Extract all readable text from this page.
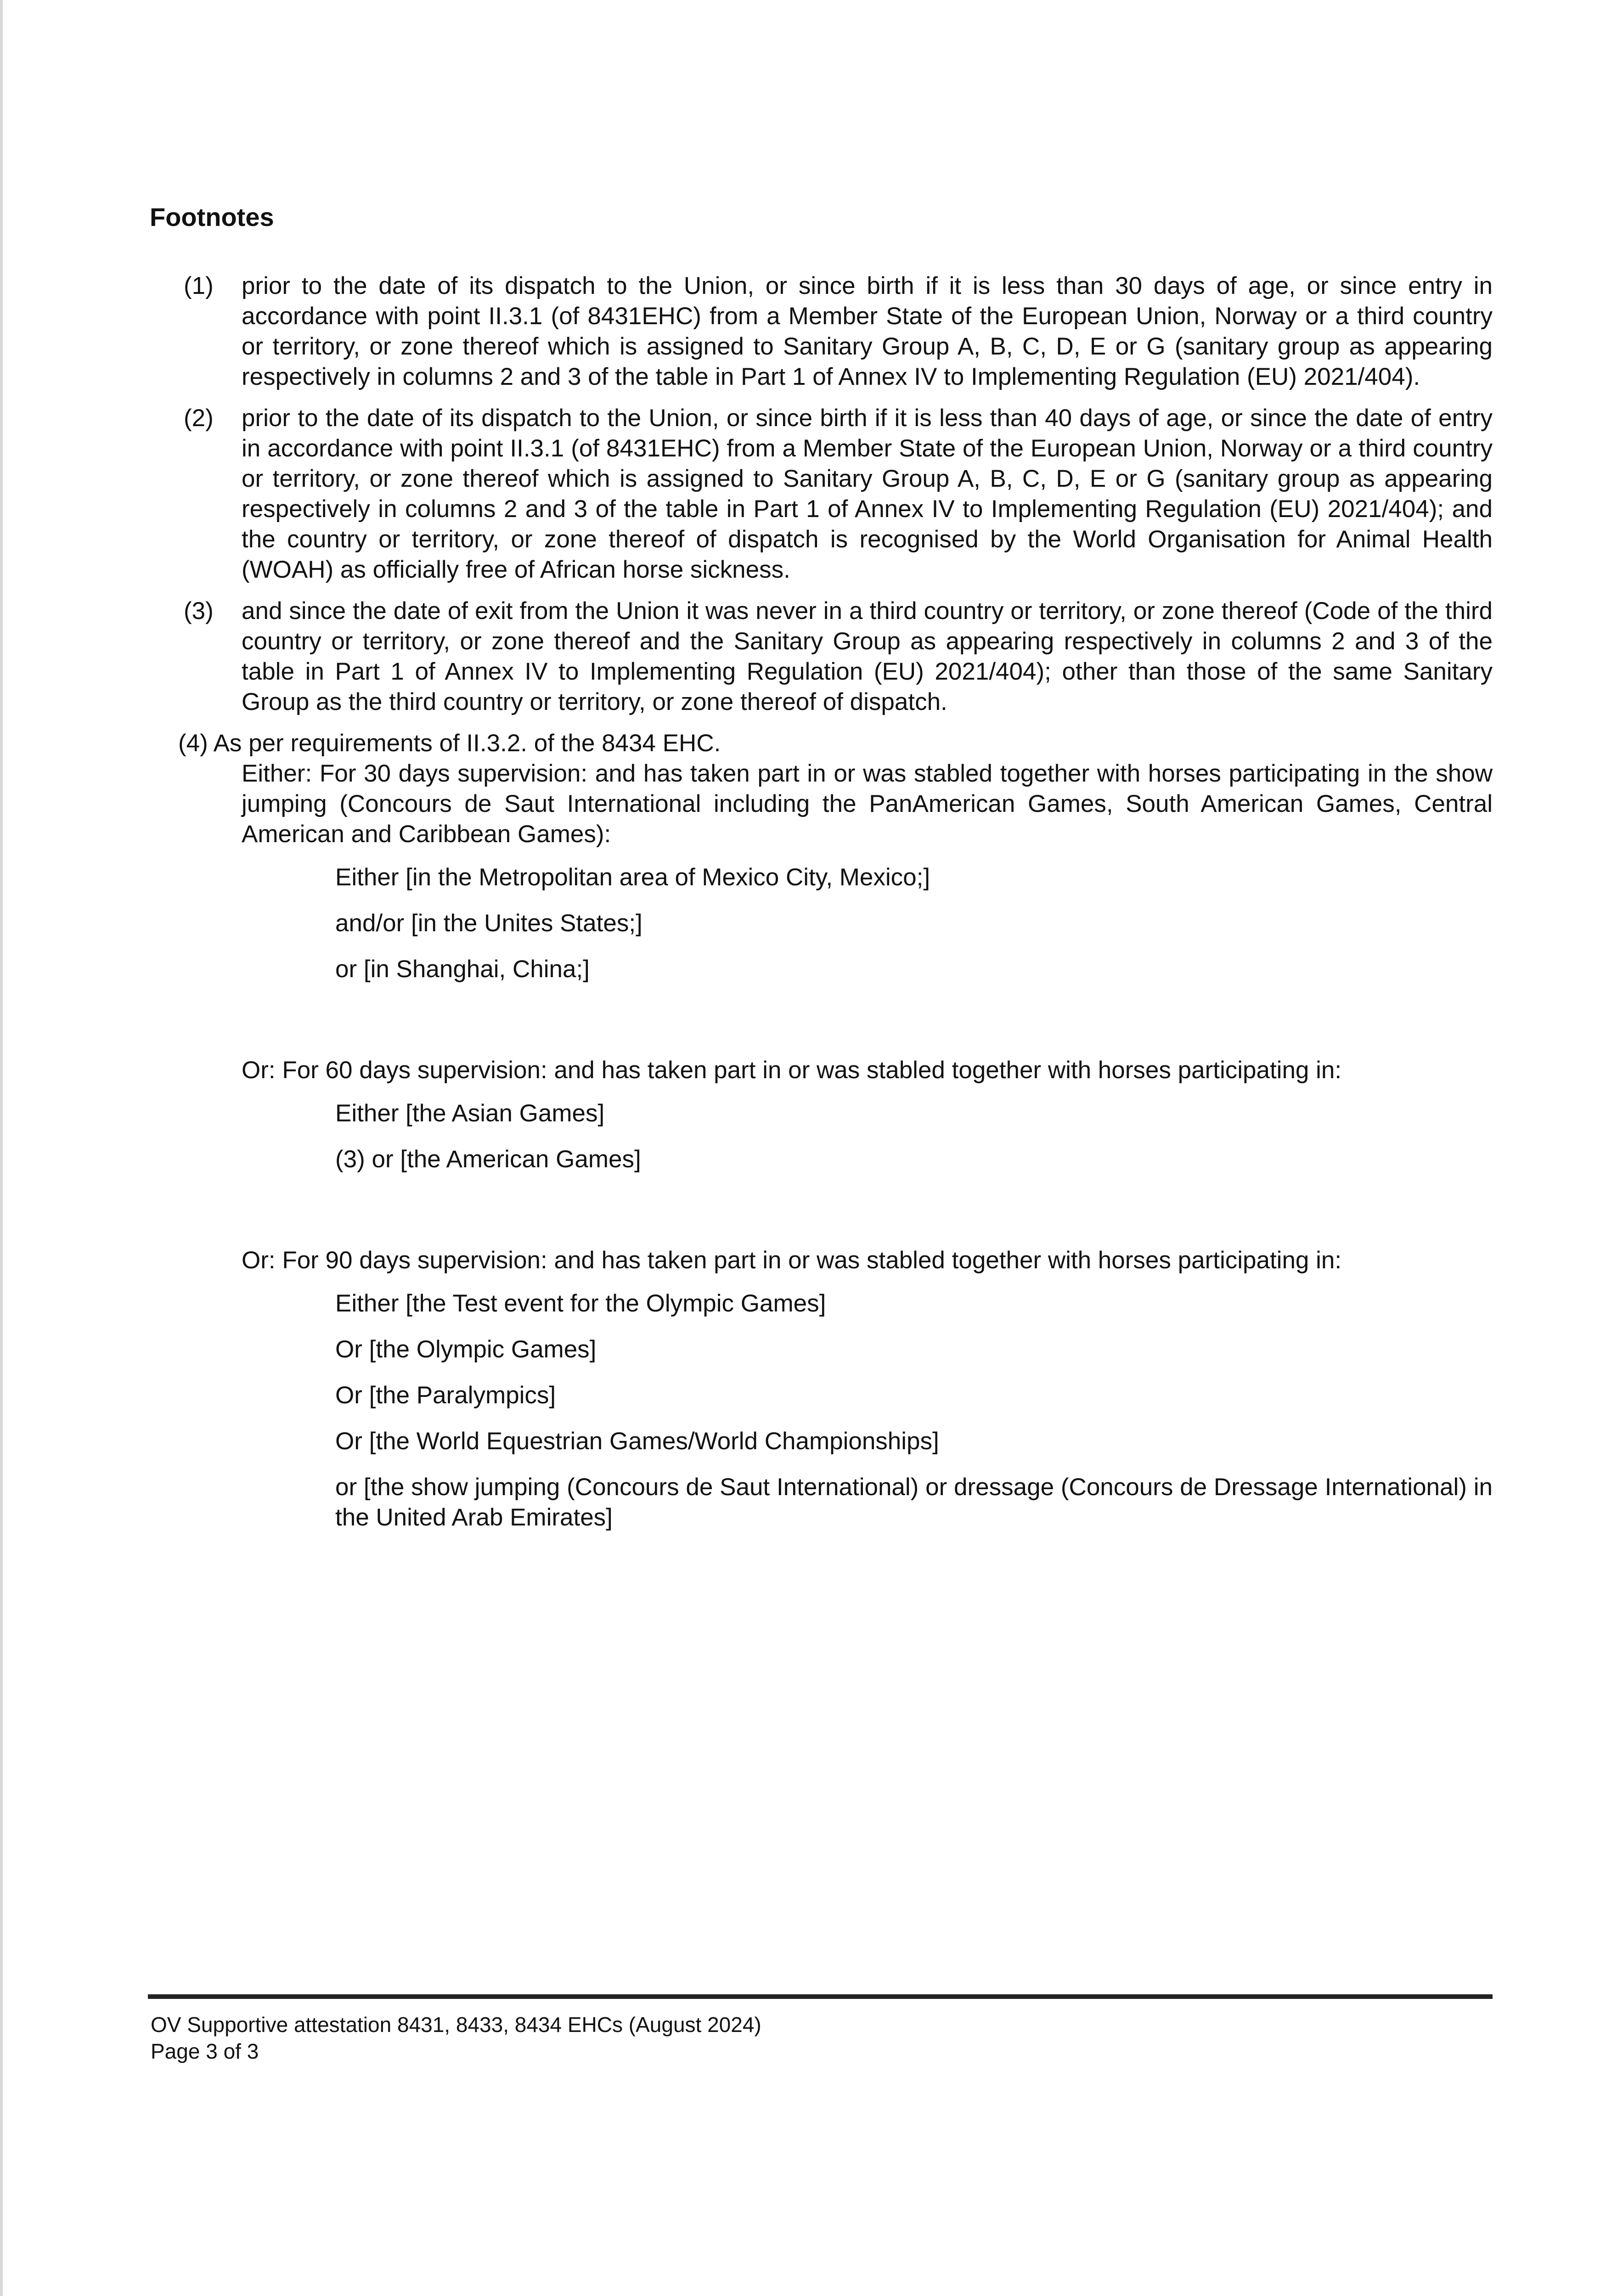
Footnotes
(1) prior to the date of its dispatch to the Union, or since birth if it is less than 30 days of age, or since entry in accordance with point II.3.1 (of 8431EHC) from a Member State of the European Union, Norway or a third country or territory, or zone thereof which is assigned to Sanitary Group A, B, C, D, E or G (sanitary group as appearing respectively in columns 2 and 3 of the table in Part 1 of Annex IV to Implementing Regulation (EU) 2021/404).
(2) prior to the date of its dispatch to the Union, or since birth if it is less than 40 days of age, or since the date of entry in accordance with point II.3.1 (of 8431EHC) from a Member State of the European Union, Norway or a third country or territory, or zone thereof which is assigned to Sanitary Group A, B, C, D, E or G (sanitary group as appearing respectively in columns 2 and 3 of the table in Part 1 of Annex IV to Implementing Regulation (EU) 2021/404); and the country or territory, or zone thereof of dispatch is recognised by the World Organisation for Animal Health (WOAH) as officially free of African horse sickness.
(3) and since the date of exit from the Union it was never in a third country or territory, or zone thereof (Code of the third country or territory, or zone thereof and the Sanitary Group as appearing respectively in columns 2 and 3 of the table in Part 1 of Annex IV to Implementing Regulation (EU) 2021/404); other than those of the same Sanitary Group as the third country or territory, or zone thereof of dispatch.
(4) As per requirements of II.3.2. of the 8434 EHC.

Either: For 30 days supervision: and has taken part in or was stabled together with horses participating in the show jumping (Concours de Saut International including the PanAmerican Games, South American Games, Central American and Caribbean Games):

Either [in the Metropolitan area of Mexico City, Mexico;]

and/or [in the Unites States;]

or [in Shanghai, China;]

Or: For 60 days supervision: and has taken part in or was stabled together with horses participating in:

Either [the Asian Games]

(3) or [the American Games]

Or: For 90 days supervision: and has taken part in or was stabled together with horses participating in:

Either [the Test event for the Olympic Games]

Or [the Olympic Games]

Or [the Paralympics]

Or [the World Equestrian Games/World Championships]

or [the show jumping (Concours de Saut International) or dressage (Concours de Dressage International) in the United Arab Emirates]

OV Supportive attestation 8431, 8433, 8434 EHCs (August 2024)
Page 3 of 3
